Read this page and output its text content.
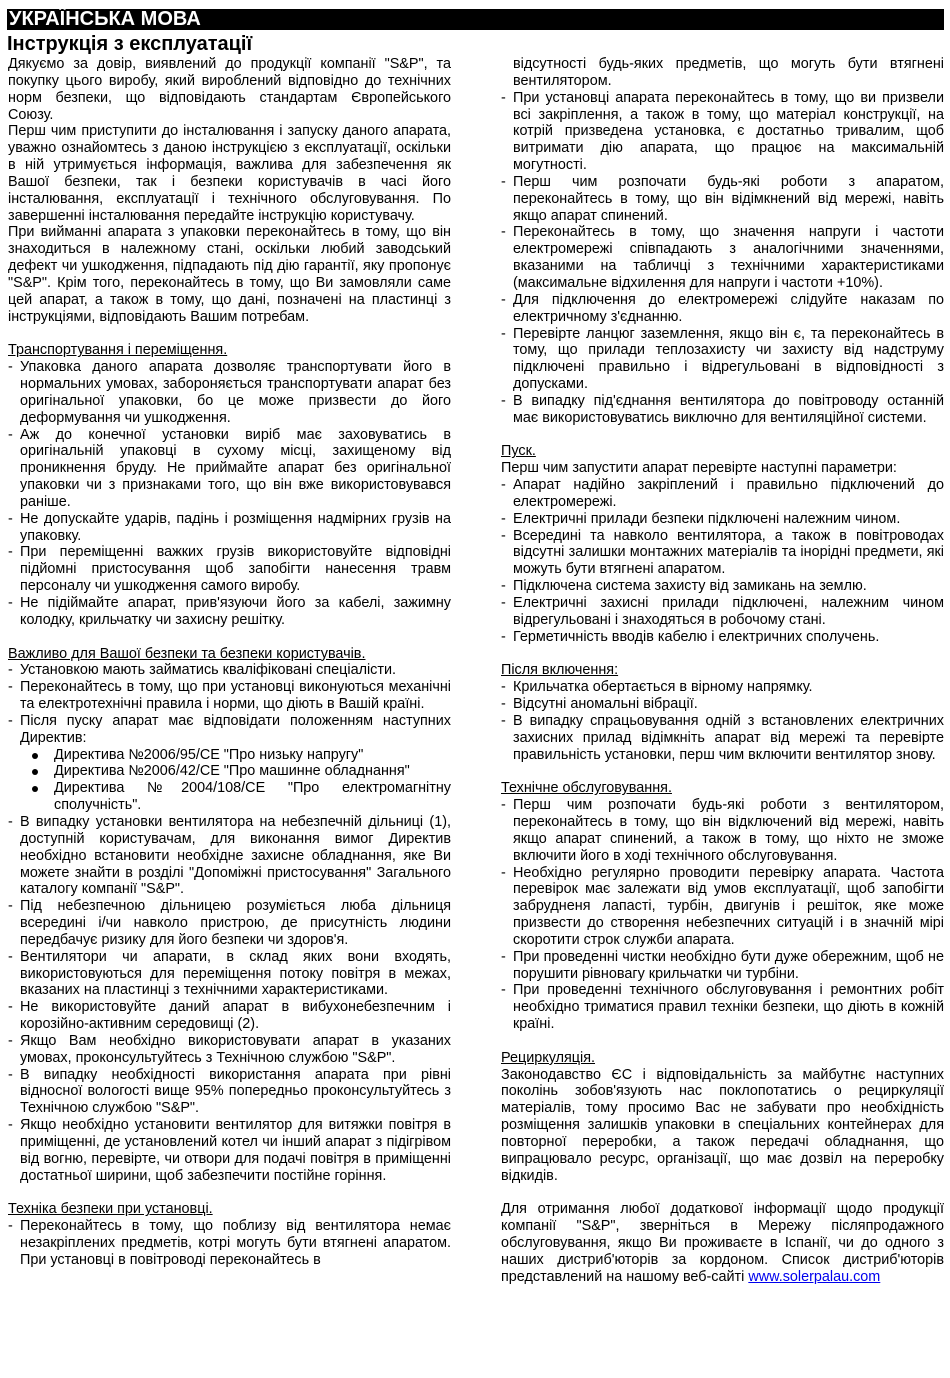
УКРАЇНСЬКА МОВА
Інструкція з експлуатації

Дякуємо за довір, виявлений до продукції компанії "S&P", та покупку цього виробу, який вироблений відповідно до технічних норм безпеки, що відповідають стандартам Європейського Союзу.

Перш чим приступити до інсталювання і запуску даного апарата, уважно ознайомтесь з даною інструкцією з експлуатації, оскільки в ній утримується інформація, важлива для забезпечення як Вашої безпеки, так і безпеки користувачів в часі його інсталювання, експлуатації і технічного обслуговування. По завершенні інсталювання передайте інструкцію користувачу.

При вийманні апарата з упаковки переконайтесь в тому, що він знаходиться в належному стані, оскільки любий заводський дефект чи ушкодження, підпадають під дію гарантії, яку пропонує "S&P". Крім того, переконайтесь в тому, що Ви замовляли саме цей апарат, а також в тому, що дані, позначені на пластинці з інструкціями, відповідають Вашим потребам.

Транспортування і переміщення.

- Упаковка даного апарата дозволяє транспортувати його в нормальних умовах, забороняється транспортувати апарат без оригінальної упаковки, бо це може призвести до його деформування чи ушкодження.
- Аж до конечної установки виріб має заховуватись в оригінальній упаковці в сухому місці, захищеному від проникнення бруду. Не приймайте апарат без оригінальної упаковки чи з признаками того, що він вже використовувався раніше.
- Не допускайте ударів, падінь і розміщення надмірних грузів на упаковку.
- При переміщенні важких грузів використовуйте відповідні підйомні пристосування щоб запобігти нанесення травм персоналу чи ушкодження самого виробу.
- Не підіймайте апарат, прив'язуючи його за кабелі, зажимну колодку, крильчатку чи захисну решітку.

Важливо для Вашої безпеки та безпеки користувачів.

- Установкою мають займатись кваліфіковані спеціалісти.
- Переконайтесь в тому, що при установці виконуються механічні та електротехнічні правила і норми, що діють в Вашій країні.
- Після пуску апарат має відповідати положенням наступних Директив:
Директива №2006/95/СЕ "Про низьку напругу"
Директива №2006/42/СЕ "Про машинне обладнання"
Директива №2004/108/СЕ "Про електромагнітну сполучність".
- В випадку установки вентилятора на небезпечній дільниці (1), доступній користувачам, для виконання вимог Директив необхідно встановити необхідне захисне обладнання, яке Ви можете знайти в розділі "Допоміжні пристосування" Загального каталогу компанії "S&P".
- Під небезпечною дільницею розуміється люба дільниця всередині і/чи навколо пристрою, де присутність людини передбачує ризику для його безпеки чи здоров'я.
- Вентилятори чи апарати, в склад яких вони входять, використовуються для переміщення потоку повітря в межах, вказаних на пластинці з технічними характеристиками.
- Не використовуйте даний апарат в вибухонебезпечним і корозійно-активним середовищі (2).
- Якщо Вам необхідно використовувати апарат в указаних умовах, проконсультуйтесь з Технічною службою "S&P".
- В випадку необхідності використання апарата при рівні відносної вологості вище 95% попередньо проконсультуйтесь з Технічною службою "S&P".
- Якщо необхідно установити вентилятор для витяжки повітря в приміщенні, де установлений котел чи інший апарат з підігрівом від вогню, перевірте, чи отвори для подачі повітря в приміщенні достатньої ширини, щоб забезпечити постійне горіння.

Техніка безпеки при установці.

- Переконайтесь в тому, що поблизу від вентилятора немає незакріплених предметів, котрі могуть бути втягнені апаратом. При установці в повітроводі переконайтесь в
відсутності будь-яких предметів, що могуть бути втягнені вентилятором.
- При установці апарата переконайтесь в тому, що ви призвели всі закріплення, а також в тому, що матеріал конструкції, на котрій призведена установка, є достатньо тривалим, щоб витримати дію апарата, що працює на максимальній могутності.
- Перш чим розпочати будь-які роботи з апаратом, переконайтесь в тому, що він відімкнений від мережі, навіть якщо апарат спинений.
- Переконайтесь в тому, що значення напруги і частоти електромережі співпадають з аналогічними значеннями, вказаними на табличці з технічними характеристиками (максимальне відхилення для напруги і частоти +10%).
- Для підключення до електромережі слідуйте наказам по електричному з'єднанню.
- Перевірте ланцюг заземлення, якщо він є, та переконайтесь в тому, що прилади теплозахисту чи захисту від надструму підключені правильно і відрегульовані в відповідності з допусками.
- В випадку під'єднання вентилятора до повітроводу останній має використовуватись виключно для вентиляційної системи.

Пуск.

Перш чим запустити апарат перевірте наступні параметри:

- Апарат надійно закріплений і правильно підключений до електромережі.
- Електричні прилади безпеки підключені належним чином.
- Всередині та навколо вентилятора, а також в повітроводах відсутні залишки монтажних матеріалів та інорідні предмети, які можуть бути втягнені апаратом.
- Підключена система захисту від замикань на землю.
- Електричні захисні прилади підключені, належним чином відрегульовані і знаходяться в робочому стані.
- Герметичність вводів кабелю і електричних сполучень.

Після включення:

- Крильчатка обертається в вірному напрямку.
- Відсутні аномальні вібрації.
- В випадку спрацьовування одній з встановлених електричних захисних прилад відімкніть апарат від мережі та перевірте правильність установки, перш чим включити вентилятор знову.

Технічне обслуговування.

- Перш чим розпочати будь-які роботи з вентилятором, переконайтесь в тому, що він відключений від мережі, навіть якщо апарат спинений, а також в тому, що ніхто не зможе включити його в ході технічного обслуговування.
- Необхідно регулярно проводити перевірку апарата. Частота перевірок має залежати від умов експлуатації, щоб запобігти забрудненя лапасті, турбін, двигунів і решіток, яке може призвести до створення небезпечних ситуацій і в значній мірі скоротити строк служби апарата.
- При проведенні чистки необхідно бути дуже обережним, щоб не порушити рівновагу крильчатки чи турбіни.
- При проведенні технічного обслуговування і ремонтних робіт необхідно триматися правил техніки безпеки, що діють в кожній країні.

Рециркуляція.

Законодавство ЄС і відповідальність за майбутнє наступних поколінь зобов'язують нас поклопотатись о рециркуляції матеріалів, тому просимо Вас не забувати про необхідність розміщення залишків упаковки в спеціальних контейнерах для повторної переробки, а також передачі обладнання, що випрацювало ресурс, організації, що має дозвіл на переробку відкидів.

Для отримання любої додаткової інформації щодо продукції компанії "S&P", зверніться в Мережу післяпродажного обслуговування, якщо Ви проживаєте в Іспанії, чи до одного з наших дистриб'юторів за кордоном. Список дистриб'юторів представлений на нашому веб-сайті www.solerpalau.com
